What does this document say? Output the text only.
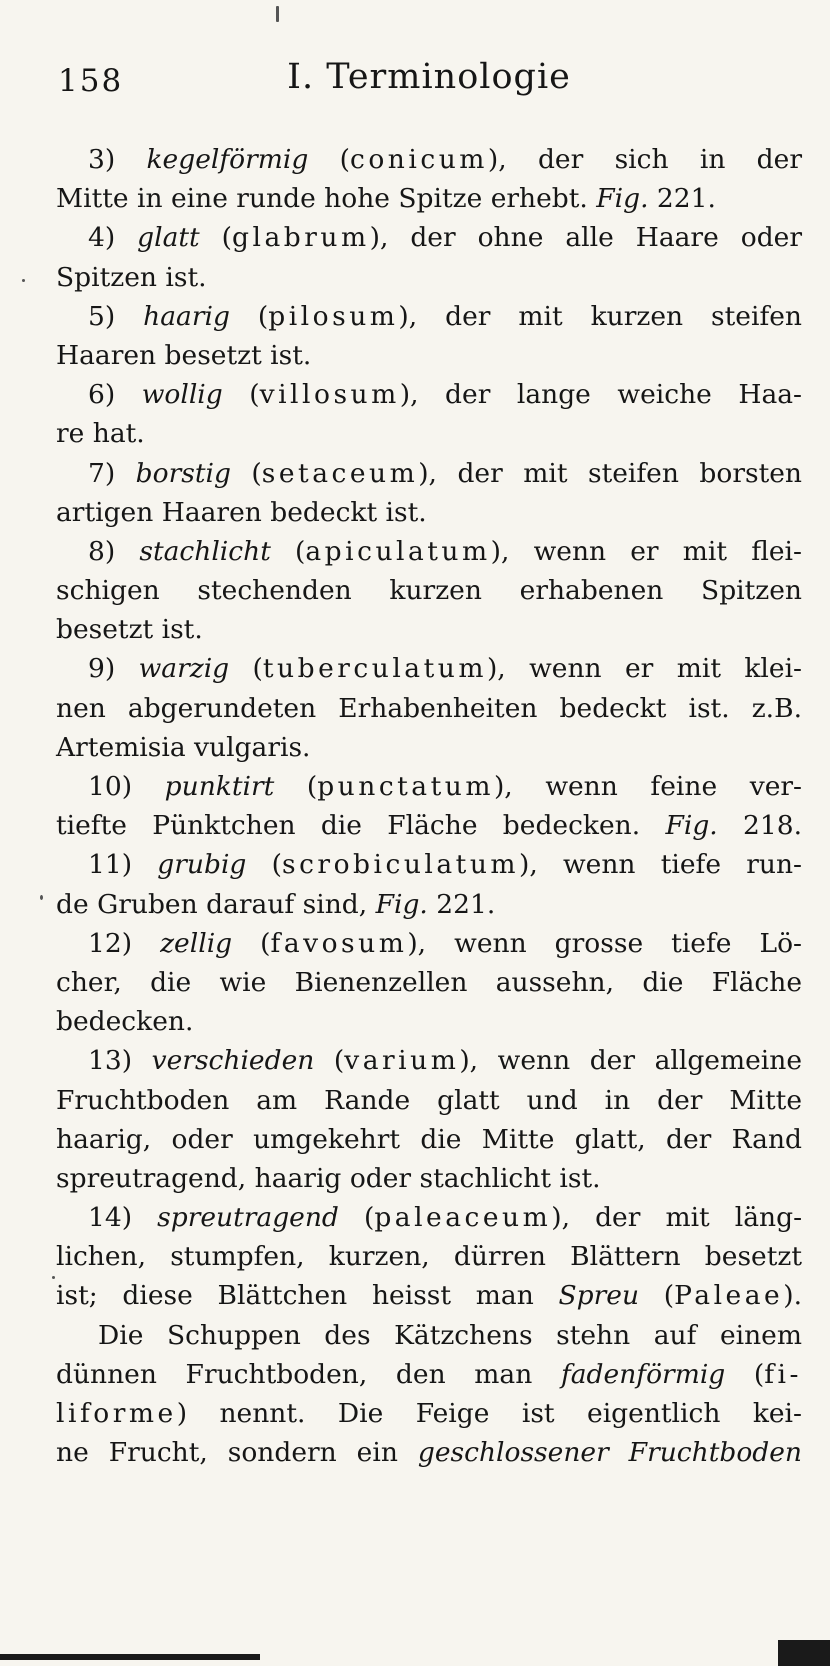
158	I. Terminologie
3) kegelförmig (conicum), der sich in der
Mitte in eine runde hohe Spitze erhebt. Fig. 221.
4) glatt (glabrum), der ohne alle Haare oder
Spitzen ist.
5) haarig (pilosum), der mit kurzen steifen
Haaren besetzt ist.
6) wollig (villosum), der lange weiche Haa-
re hat.
7) borstig (setaceum), der mit steifen borsten
artigen Haaren bedeckt ist.
8) stachlicht (apiculatum), wenn er mit flei-
schigen stechenden kurzen erhabenen Spitzen
besetzt ist.
9) warzig (tuberculatum), wenn er mit klei-
nen abgerundeten Erhabenheiten bedeckt ist. z.B.
Artemisia vulgaris.
10) punktirt (punctatum), wenn feine ver-
tiefte Pünktchen die Fläche bedecken. Fig. 218.
11) grubig (scrobiculatum), wenn tiefe run-
de Gruben darauf sind, Fig. 221.
12) zellig (favosum), wenn grosse tiefe Lö-
cher, die wie Bienenzellen aussehn, die Fläche
bedecken.
13) verschieden (varium), wenn der allgemeine
Fruchtboden am Rande glatt und in der Mitte
haarig, oder umgekehrt die Mitte glatt, der Rand
spreutragend, haarig oder stachlicht ist.
14) spreutragend (paleaceum), der mit läng-
lichen, stumpfen, kurzen, dürren Blättern besetzt
ist; diese Blättchen heisst man Spreu (Paleae).
Die Schuppen des Kätzchens stehn auf einem
dünnen Fruchtboden, den man fadenförmig (fi-
liforme) nennt. Die Feige ist eigentlich kei-
ne Frucht, sondern ein geschlossener Fruchtboden
